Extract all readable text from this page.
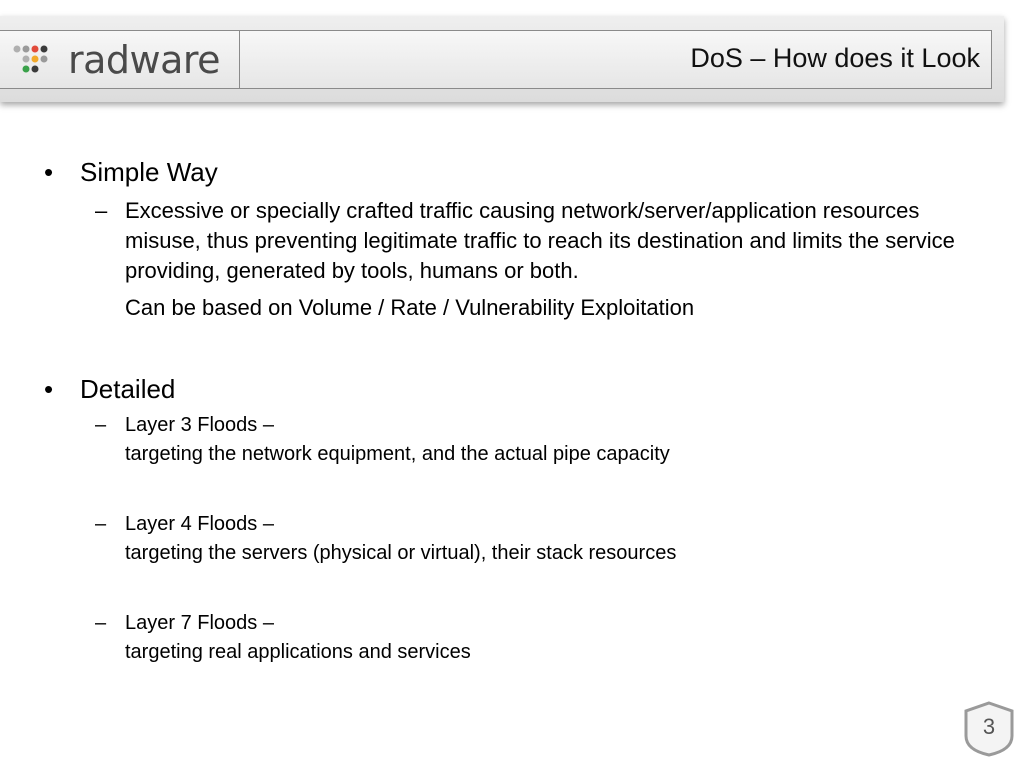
radware	DoS – How does it Look
• Simple Way
– Excessive or specially crafted traffic causing network/server/application resources misuse, thus preventing legitimate traffic to reach its destination and limits the service providing, generated by tools, humans or both.
Can be based on Volume / Rate / Vulnerability Exploitation
• Detailed
– Layer 3 Floods –
targeting the network equipment, and the actual pipe capacity
– Layer 4 Floods –
targeting the servers (physical or virtual), their stack resources
– Layer 7 Floods –
targeting real applications and services
3
